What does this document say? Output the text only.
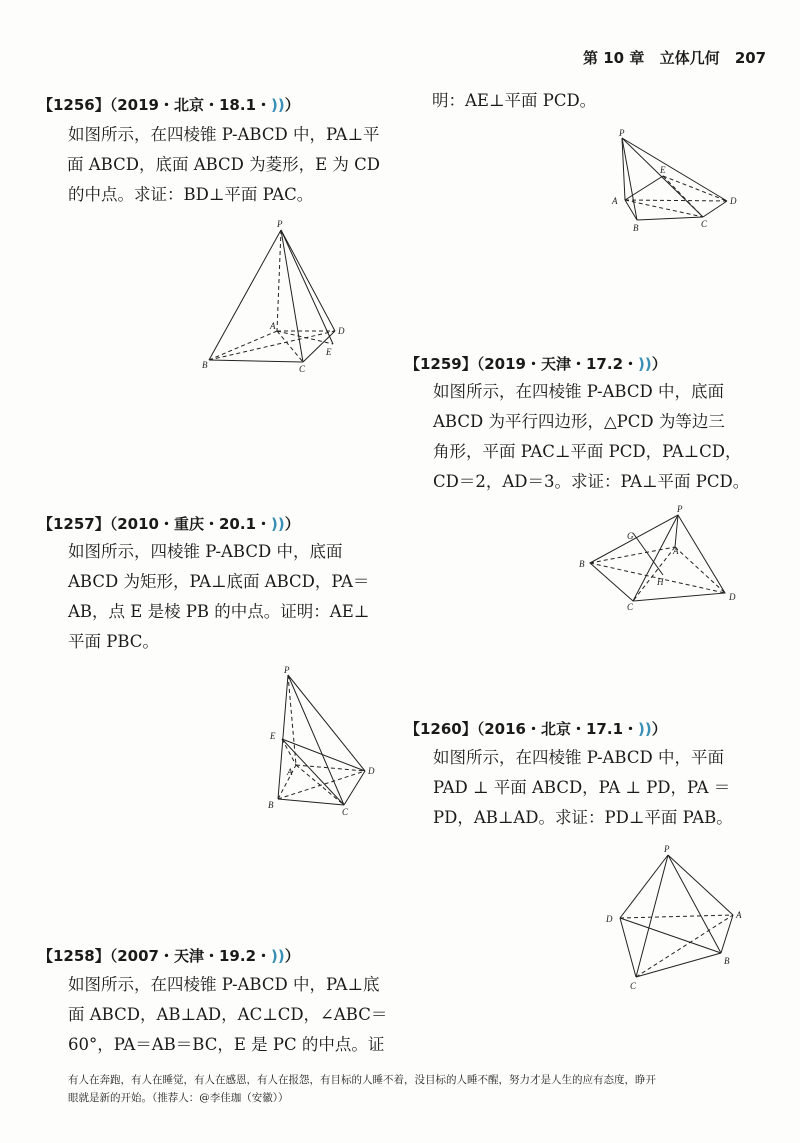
第 10 章 立体几何 207
【1256】（2019・北京・18.1・))）
如图所示，在四棱锥 P-ABCD 中，PA⊥平
面 ABCD，底面 ABCD 为菱形，E 为 CD
的中点。求证：BD⊥平面 PAC。
P
A	D
E
B	C
【1257】（2010・重庆・20.1・))）
如图所示，四棱锥 P-ABCD 中，底面
ABCD 为矩形，PA⊥底面 ABCD，PA＝
AB，点 E 是棱 PB 的中点。证明：AE⊥
平面 PBC。
P
E
A	D
B
C
【1258】（2007・天津・19.2・))）
如图所示，在四棱锥 P-ABCD 中，PA⊥底
面 ABCD，AB⊥AD，AC⊥CD，∠ABC＝
60°，PA＝AB＝BC，E 是 PC 的中点。证
明：AE⊥平面 PCD。
P
E
A	D
B	C
【1259】（2019・天津・17.2・))）
如图所示，在四棱锥 P-ABCD 中，底面
ABCD 为平行四边形，△PCD 为等边三
角形，平面 PAC⊥平面 PCD，PA⊥CD，
CD＝2，AD＝3。求证：PA⊥平面 PCD。
P
G
A
B
H
C
D
【1260】（2016・北京・17.1・))）
如图所示，在四棱锥 P-ABCD 中，平面
PAD ⊥ 平面 ABCD，PA ⊥ PD，PA ＝
PD，AB⊥AD。求证：PD⊥平面 PAB。
P
D	A
B
C
有人在奔跑，有人在睡觉，有人在感恩，有人在报怨，有目标的人睡不着，没目标的人睡不醒，努力才是人生的应有态度，睁开
眼就是新的开始。（推荐人：@李佳珈（安徽））
